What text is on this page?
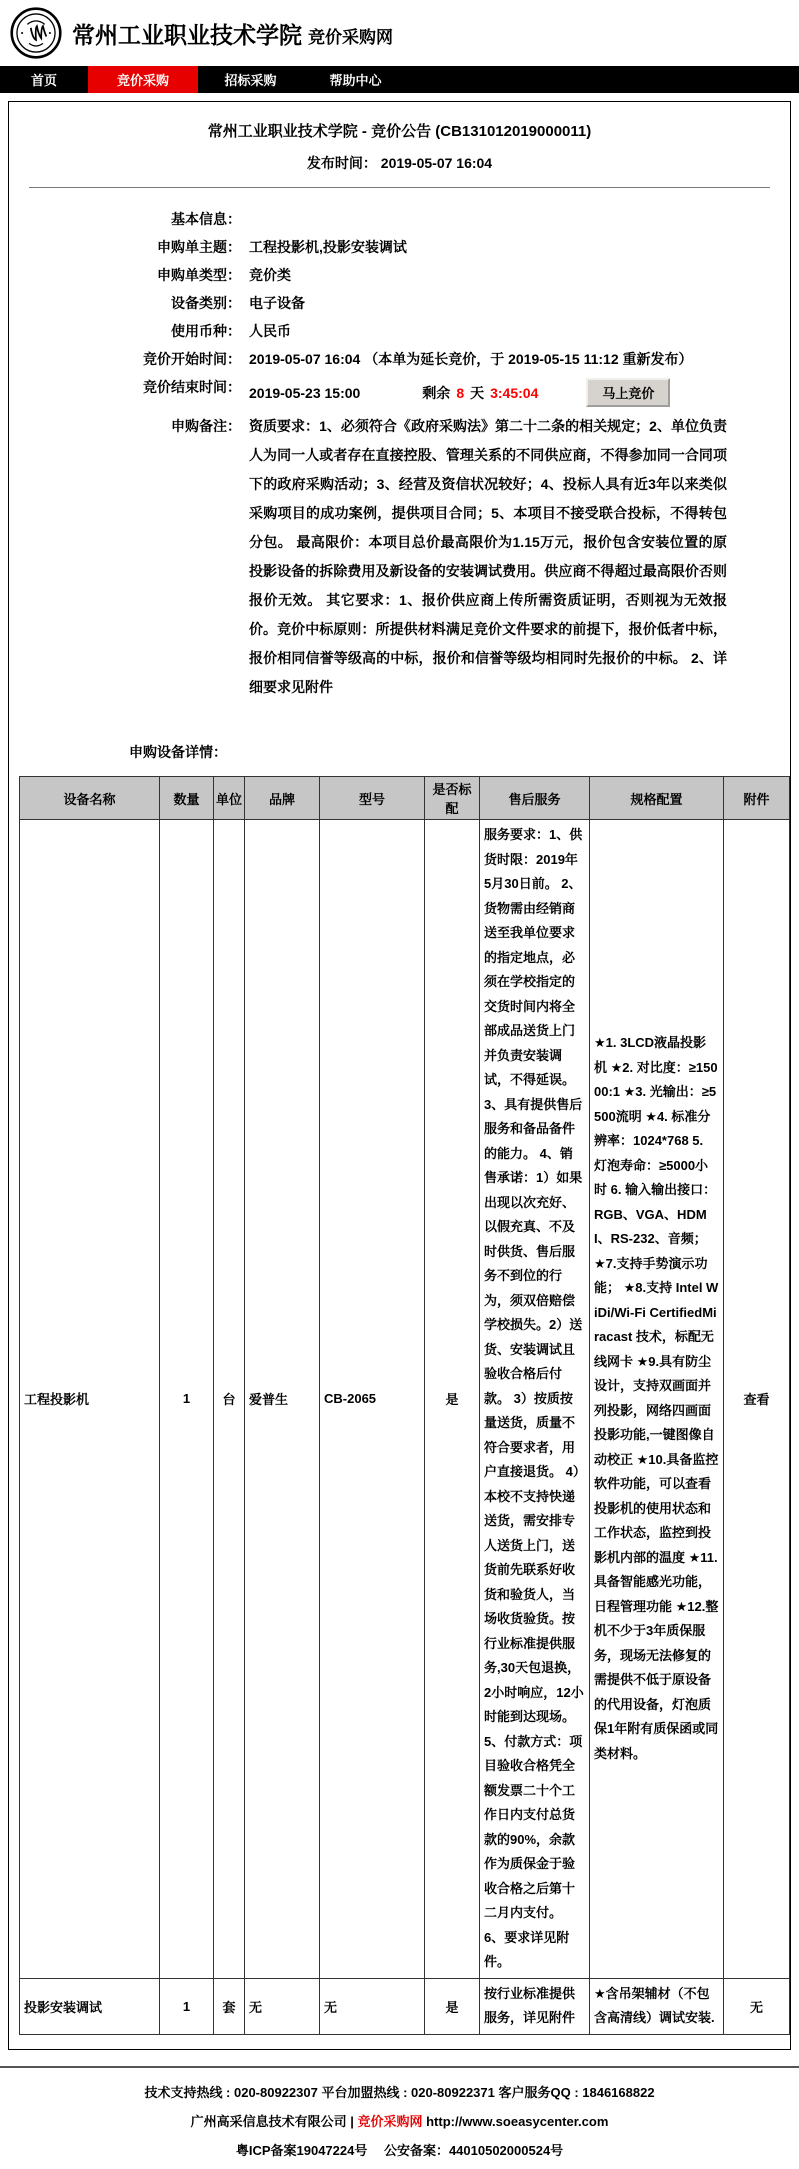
常州工业职业技术学院 竞价采购网
首页	竞价采购	招标采购	帮助中心
常州工业职业技术学院 - 竞价公告 (CB131012019000011)
发布时间： 2019-05-07 16:04
基本信息：
申购单主题： 工程投影机,投影安装调试
申购单类型： 竞价类
设备类别： 电子设备
使用币种： 人民币
竞价开始时间： 2019-05-07 16:04 （本单为延长竞价，于 2019-05-15 11:12 重新发布）
竞价结束时间： 2019-05-23 15:00	剩余 8 天 3:45:04	马上竞价
申购备注： 资质要求：1、必须符合《政府采购法》第二十二条的相关规定；2、单位负责人为同一人或者存在直接控股、管理关系的不同供应商，不得参加同一合同项下的政府采购活动；3、经营及资信状况较好；4、投标人具有近3年以来类似采购项目的成功案例，提供项目合同；5、本项目不接受联合投标，不得转包分包。 最高限价：本项目总价最高限价为1.15万元，报价包含安装位置的原投影设备的拆除费用及新设备的安装调试费用。供应商不得超过最高限价否则报价无效。 其它要求：1、报价供应商上传所需资质证明，否则视为无效报价。竞价中标原则：所提供材料满足竞价文件要求的前提下，报价低者中标，报价相同信誉等级高的中标，报价和信誉等级均相同时先报价的中标。 2、详细要求见附件
申购设备详情：
设备名称	数量	单位	品牌	型号	是否标配	售后服务	规格配置	附件
工程投影机	1	台	爱普生	CB-2065	是	服务要求：1、供货时限：2019年5月30日前。 2、货物需由经销商送至我单位要求的指定地点，必须在学校指定的交货时间内将全部成品送货上门并负责安装调试，不得延误。 3、具有提供售后服务和备品备件的能力。 4、销售承诺：1）如果出现以次充好、以假充真、不及时供货、售后服务不到位的行为，须双倍赔偿学校损失。2）送货、安装调试且验收合格后付款。 3）按质按量送货，质量不符合要求者，用户直接退货。 4）本校不支持快递送货，需安排专人送货上门，送货前先联系好收货和验货人，当场收货验货。按行业标准提供服务,30天包退换，2小时响应，12小时能到达现场。 5、付款方式：项目验收合格凭全额发票二十个工作日内支付总货款的90%，余款作为质保金于验收合格之后第十二月内支付。 6、要求详见附件。	★1. 3LCD液晶投影机 ★2. 对比度：≥15000:1 ★3. 光输出：≥5500流明 ★4. 标准分辨率：1024*768 5. 灯泡寿命：≥5000小时 6. 输入输出接口：RGB、VGA、HDMI、RS-232、音频； ★7.支持手势演示功能； ★8.支持 Intel WiDi/Wi-Fi CertifiedMiracast 技术，标配无线网卡 ★9.具有防尘设计，支持双画面并列投影，网络四画面投影功能,一键图像自动校正 ★10.具备监控软件功能，可以查看投影机的使用状态和工作状态，监控到投影机内部的温度 ★11. 具备智能感光功能，日程管理功能 ★12.整机不少于3年质保服务，现场无法修复的需提供不低于原设备的代用设备，灯泡质保1年附有质保函或同类材料。	查看
投影安装调试	1	套	无	无	是	按行业标准提供服务，详见附件	★含吊架辅材（不包含高清线）调试安装.	无
技术支持热线 : 020-80922307 平台加盟热线 : 020-80922371 客户服务QQ : 1846168822
广州高采信息技术有限公司 | 竞价采购网 http://www.soeasycenter.com
粤ICP备案19047224号　 公安备案：44010502000524号
